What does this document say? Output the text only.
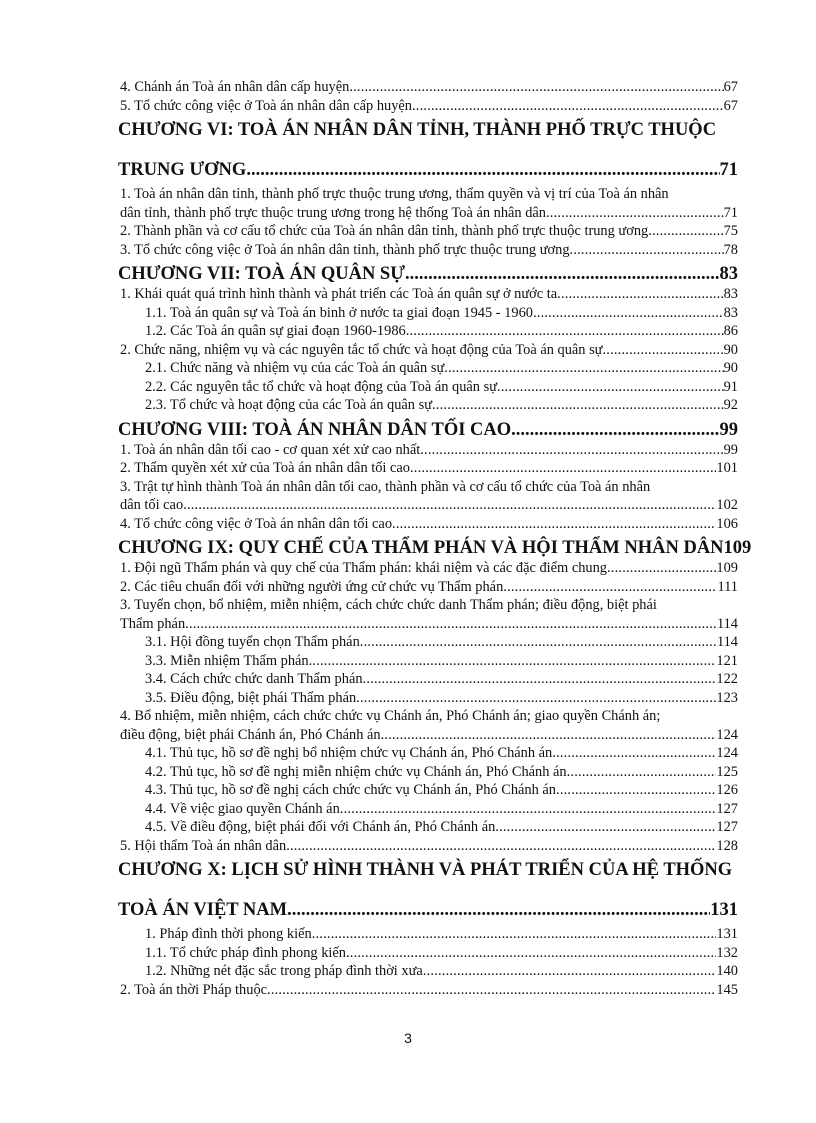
4. Chánh án Toà án nhân dân cấp huyện .....	67
5. Tổ chức công việc ở Toà án nhân dân cấp huyện .....	67
CHƯƠNG VI: TOÀ ÁN NHÂN DÂN TỈNH, THÀNH PHỐ TRỰC THUỘC
TRUNG ƯƠNG .....	71
1. Toà án nhân dân tỉnh, thành phố trực thuộc trung ương, thẩm quyền và vị trí của Toà án nhân
dân tỉnh, thành phố trực thuộc trung ương trong hệ thống Toà án nhân dân .....	71
2. Thành phần và cơ cấu tổ chức của Toà án nhân dân tỉnh, thành phố trực thuộc trung ương .....	75
3. Tổ chức công việc ở Toà án nhân dân tỉnh, thành phố trực thuộc trung ương .....	78
CHƯƠNG VII: TOÀ ÁN QUÂN SỰ .....	83
1. Khái quát quá trình hình thành và phát triển các Toà án quân sự ở nước ta .....	83
1.1. Toà án quân sự và Toà án binh ở nước ta giai đoạn 1945 - 1960 .....	83
1.2. Các Toà án quân sự giai đoạn 1960-1986 .....	86
2. Chức năng, nhiệm vụ và các nguyên tắc tổ chức và hoạt động của Toà án quân sự .....	90
2.1. Chức năng và nhiệm vụ của các Toà án quân sự .....	90
2.2. Các nguyên tắc tổ chức và hoạt động của Toà án quân sự .....	91
2.3. Tổ chức và hoạt động của các Toà án quân sự .....	92
CHƯƠNG VIII: TOÀ ÁN NHÂN DÂN TỐI CAO .....	99
1. Toà án nhân dân tối cao - cơ quan xét xử cao nhất .....	99
2. Thẩm quyền xét xử của Toà án nhân dân tối cao .....	101
3. Trật tự hình thành Toà án nhân dân tối cao, thành phần và cơ cấu tổ chức của Toà án nhân
dân tối cao .....	102
4. Tổ chức công việc ở Toà án nhân dân tối cao .....	106
CHƯƠNG IX: QUY CHẾ CỦA THẨM PHÁN VÀ HỘI THẨM NHÂN DÂN 109
1. Đội ngũ Thẩm phán và quy chế của Thẩm phán: khái niệm và các đặc điểm chung .....	109
2. Các tiêu chuẩn đối với những người ứng cử chức vụ Thẩm phán .....	111
3. Tuyển chọn, bổ nhiệm, miễn nhiệm, cách chức chức danh Thẩm phán; điều động, biệt phái
Thẩm phán .....	114
3.1. Hội đồng tuyển chọn Thẩm phán .....	114
3.3. Miễn nhiệm Thẩm phán .....	121
3.4. Cách chức chức danh Thẩm phán .....	122
3.5. Điều động, biệt phái Thẩm phán .....	123
4. Bổ nhiệm, miễn nhiệm, cách chức chức vụ Chánh án, Phó Chánh án; giao quyền Chánh án;
điều động, biệt phái Chánh án, Phó Chánh án .....	124
4.1. Thủ tục, hồ sơ đề nghị bổ nhiệm chức vụ Chánh án, Phó Chánh án .....	124
4.2. Thủ tục, hồ sơ đề nghị miễn nhiệm chức vụ Chánh án, Phó Chánh án .....	125
4.3. Thủ tục, hồ sơ đề nghị cách chức chức vụ Chánh án, Phó Chánh án .....	126
4.4. Về việc giao quyền Chánh án .....	127
4.5. Về điều động, biệt phái đối với Chánh án, Phó Chánh án .....	127
5. Hội thẩm Toà án nhân dân .....	128
CHƯƠNG X: LỊCH SỬ HÌNH THÀNH VÀ PHÁT TRIỂN CỦA HỆ THỐNG
TOÀ ÁN VIỆT NAM .....	131
1. Pháp đình thời phong kiến .....	131
1.1. Tổ chức pháp đình phong kiến .....	132
1.2. Những nét đặc sắc trong pháp đình thời xưa .....	140
2. Toà án thời Pháp thuộc .....	145
3
